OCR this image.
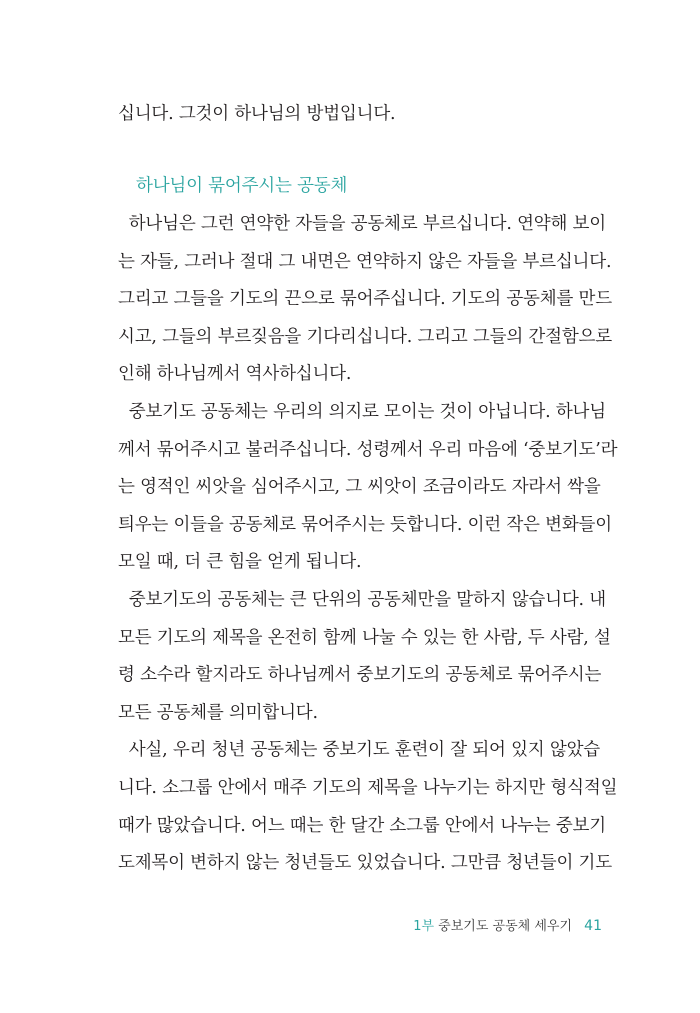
십니다. 그것이 하나님의 방법입니다.

하나님이 묶어주시는 공동체
하나님은 그런 연약한 자들을 공동체로 부르십니다. 연약해 보이
는 자들, 그러나 절대 그 내면은 연약하지 않은 자들을 부르십니다.
그리고 그들을 기도의 끈으로 묶어주십니다. 기도의 공동체를 만드
시고, 그들의 부르짖음을 기다리십니다. 그리고 그들의 간절함으로
인해 하나님께서 역사하십니다.
중보기도 공동체는 우리의 의지로 모이는 것이 아닙니다. 하나님
께서 묶어주시고 불러주십니다. 성령께서 우리 마음에 ‘중보기도’라
는 영적인 씨앗을 심어주시고, 그 씨앗이 조금이라도 자라서 싹을
틔우는 이들을 공동체로 묶어주시는 듯합니다. 이런 작은 변화들이
모일 때, 더 큰 힘을 얻게 됩니다.
중보기도의 공동체는 큰 단위의 공동체만을 말하지 않습니다. 내
모든 기도의 제목을 온전히 함께 나눌 수 있는 한 사람, 두 사람, 설
령 소수라 할지라도 하나님께서 중보기도의 공동체로 묶어주시는
모든 공동체를 의미합니다.
사실, 우리 청년 공동체는 중보기도 훈련이 잘 되어 있지 않았습
니다. 소그룹 안에서 매주 기도의 제목을 나누기는 하지만 형식적일
때가 많았습니다. 어느 때는 한 달간 소그룹 안에서 나누는 중보기
도제목이 변하지 않는 청년들도 있었습니다. 그만큼 청년들이 기도
1부 중보기도 공동체 세우기 41
